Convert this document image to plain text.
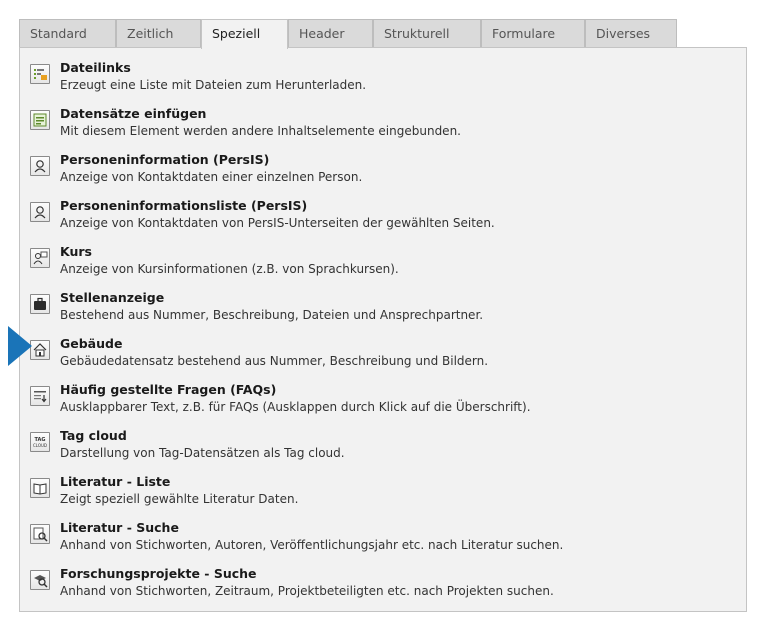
Standard	Zeitlich	Speziell	Header	Strukturell	Formulare	Diverses
Dateilinks
Erzeugt eine Liste mit Dateien zum Herunterladen.
Datensätze einfügen
Mit diesem Element werden andere Inhaltselemente eingebunden.
Personeninformation (PersIS)
Anzeige von Kontaktdaten einer einzelnen Person.
Personeninformationsliste (PersIS)
Anzeige von Kontaktdaten von PersIS-Unterseiten der gewählten Seiten.
Kurs
Anzeige von Kursinformationen (z.B. von Sprachkursen).
Stellenanzeige
Bestehend aus Nummer, Beschreibung, Dateien und Ansprechpartner.
Gebäude
Gebäudedatensatz bestehend aus Nummer, Beschreibung und Bildern.
Häufig gestellte Fragen (FAQs)
Ausklappbarer Text, z.B. für FAQs (Ausklappen durch Klick auf die Überschrift).
TAG
CLOUD
Tag cloud
Darstellung von Tag-Datensätzen als Tag cloud.
Literatur - Liste
Zeigt speziell gewählte Literatur Daten.
Literatur - Suche
Anhand von Stichworten, Autoren, Veröffentlichungsjahr etc. nach Literatur suchen.
Forschungsprojekte - Suche
Anhand von Stichworten, Zeitraum, Projektbeteiligten etc. nach Projekten suchen.
